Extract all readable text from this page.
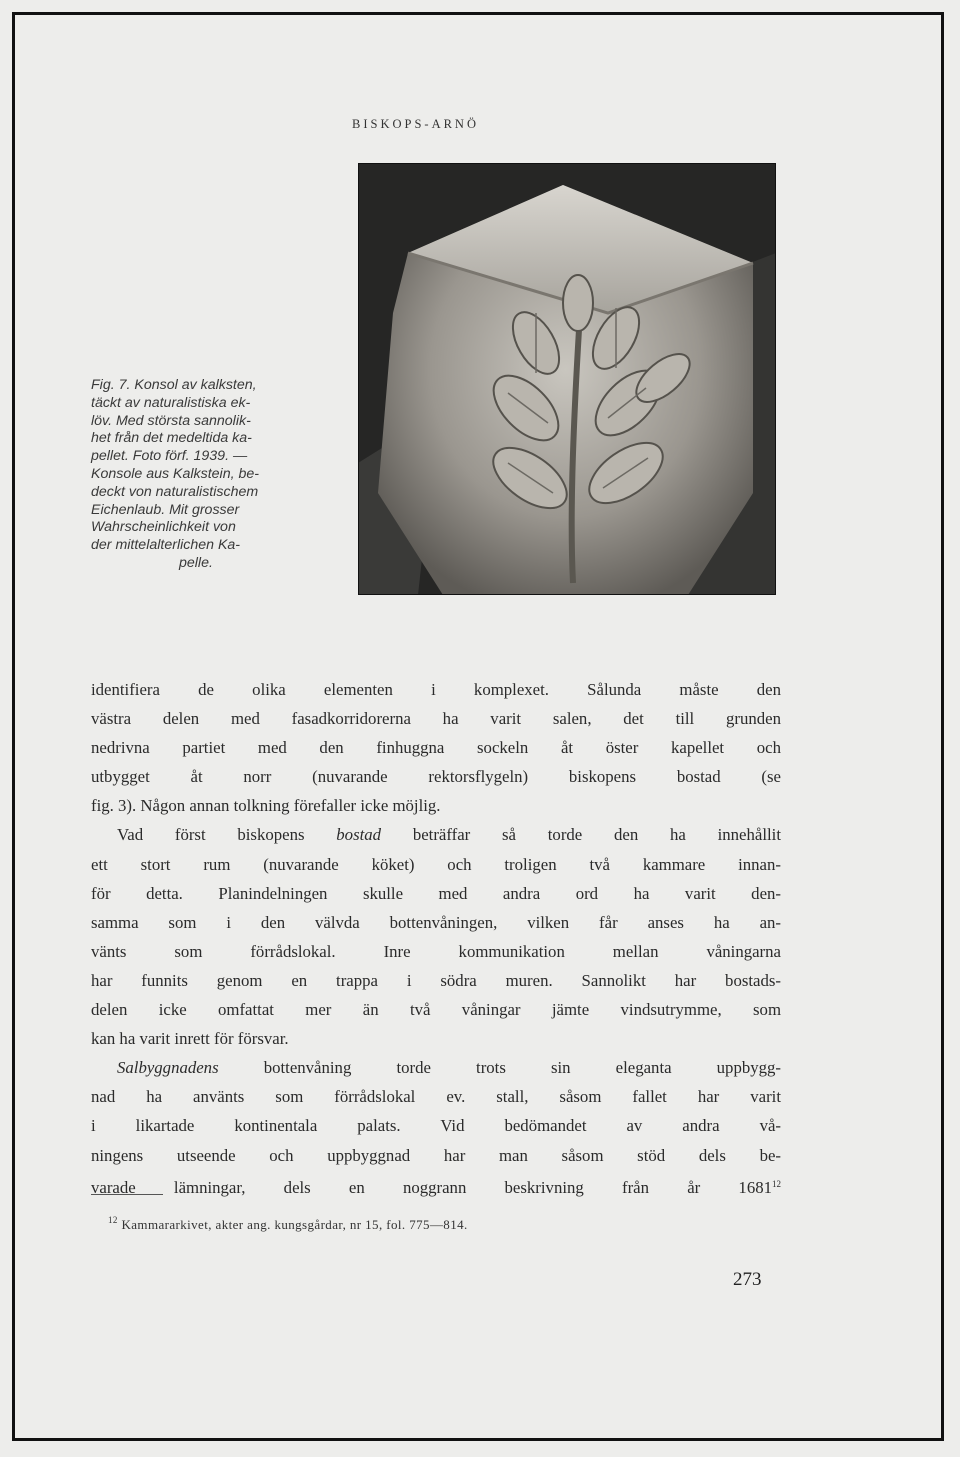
BISKOPS-ARNÖ
Fig. 7. Konsol av kalksten,
täckt av naturalistiska ek-
löv. Med största sannolik-
het från det medeltida ka-
pellet. Foto förf. 1939. —
Konsole aus Kalkstein, be-
deckt von naturalistischem
Eichenlaub. Mit grosser
Wahrscheinlichkeit von
der mittelalterlichen Ka-
pelle.
identifiera de olika elementen i komplexet. Sålunda måste den
västra delen med fasadkorridorerna ha varit salen, det till grunden
nedrivna partiet med den finhuggna sockeln åt öster kapellet och
utbygget åt norr (nuvarande rektorsflygeln) biskopens bostad (se
fig. 3). Någon annan tolkning förefaller icke möjlig.
Vad först biskopens bostad beträffar så torde den ha innehållit
ett stort rum (nuvarande köket) och troligen två kammare innan-
för detta. Planindelningen skulle med andra ord ha varit den-
samma som i den välvda bottenvåningen, vilken får anses ha an-
vänts som förrådslokal. Inre kommunikation mellan våningarna
har funnits genom en trappa i södra muren. Sannolikt har bostads-
delen icke omfattat mer än två våningar jämte vindsutrymme, som
kan ha varit inrett för försvar.
Salbyggnadens	bottenvåning torde trots sin eleganta uppbygg-
nad ha använts som förrådslokal ev. stall, såsom fallet har varit
i likartade kontinentala palats. Vid bedömandet av andra vå-
ningens utseende och uppbyggnad har man såsom stöd dels be-
varade lämningar, dels en noggrann beskrivning från år 1681$^{12}$
$^{12}$ Kammararkivet, akter ang. kungsgårdar, nr 15, fol. 775—814.
273
